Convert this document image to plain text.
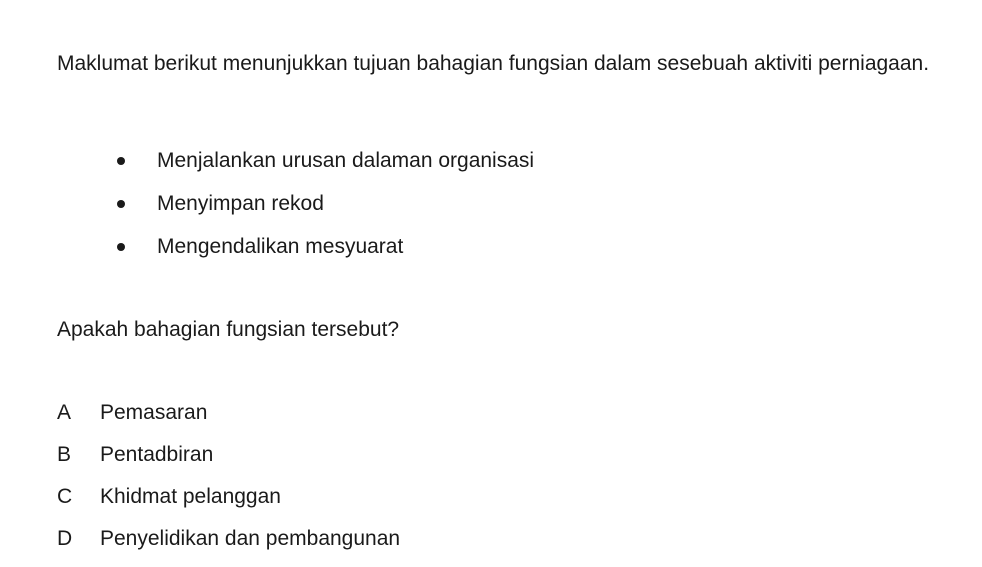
Maklumat berikut menunjukkan tujuan bahagian fungsian dalam sesebuah aktiviti perniagaan.

Menjalankan urusan dalaman organisasi
Menyimpan rekod
Mengendalikan mesyuarat

Apakah bahagian fungsian tersebut?

A	Pemasaran
B	Pentadbiran
C	Khidmat pelanggan
D	Penyelidikan dan pembangunan
